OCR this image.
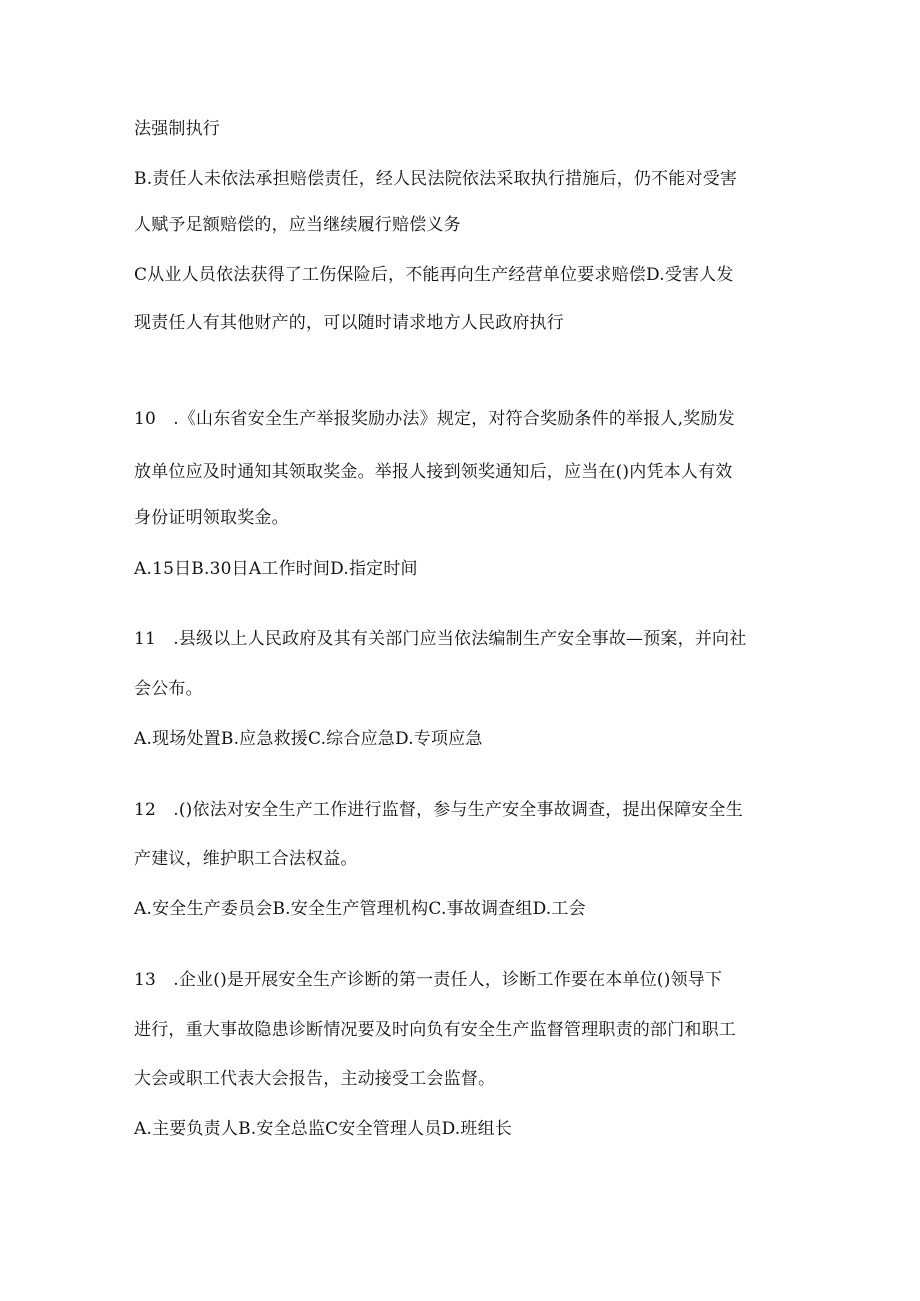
法强制执行
B.责任人未依法承担赔偿责任，经人民法院依法采取执行措施后，仍不能对受害
人赋予足额赔偿的，应当继续履行赔偿义务
C从业人员依法获得了工伤保险后，不能再向生产经营单位要求赔偿D.受害人发
现责任人有其他财产的，可以随时请求地方人民政府执行
10　.《山东省安全生产举报奖励办法》规定，对符合奖励条件的举报人,奖励发
放单位应及时通知其领取奖金。举报人接到领奖通知后，应当在()内凭本人有效
身份证明领取奖金。
A.15日B.30日A工作时间D.指定时间
11　.县级以上人民政府及其有关部门应当依法编制生产安全事故—预案，并向社
会公布。
A.现场处置B.应急救援C.综合应急D.专项应急
12　.()依法对安全生产工作进行监督，参与生产安全事故调查，提出保障安全生
产建议，维护职工合法权益。
A.安全生产委员会B.安全生产管理机构C.事故调查组D.工会
13　.企业()是开展安全生产诊断的第一责任人，诊断工作要在本单位()领导下
进行，重大事故隐患诊断情况要及时向负有安全生产监督管理职责的部门和职工
大会或职工代表大会报告，主动接受工会监督。
A.主要负责人B.安全总监C安全管理人员D.班组长
